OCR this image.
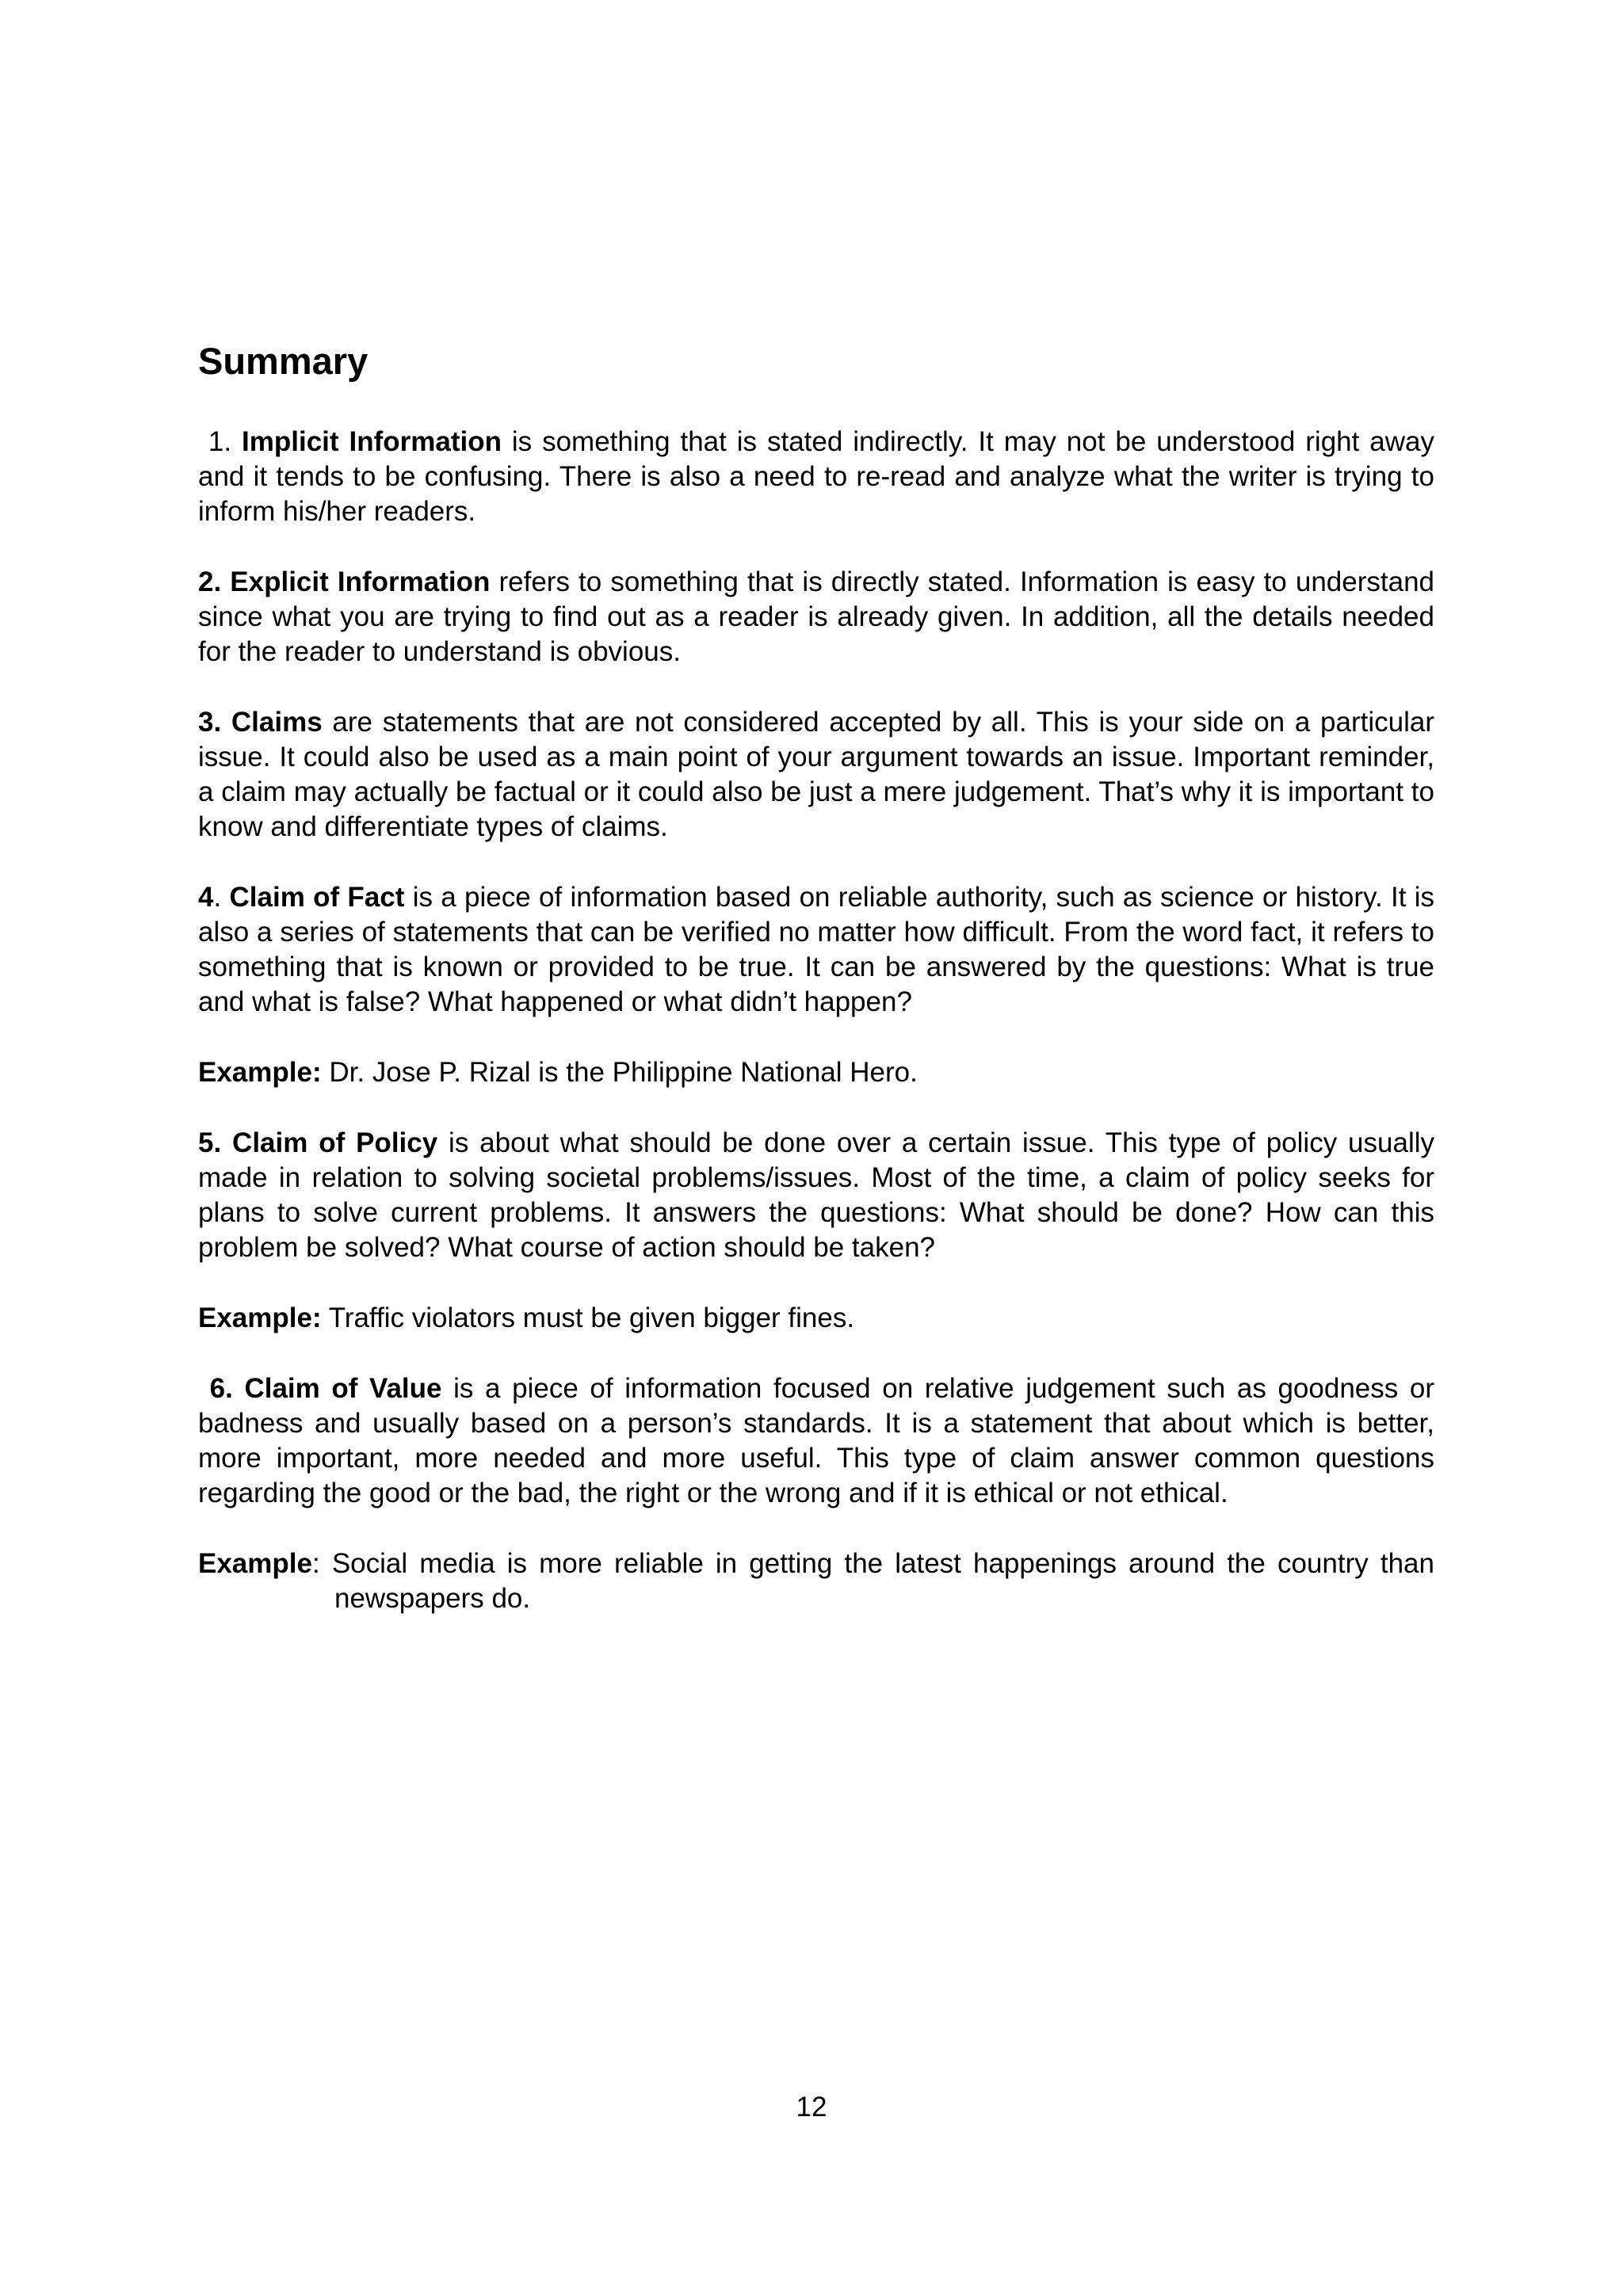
Summary

1. Implicit Information is something that is stated indirectly. It may not be understood right away and it tends to be confusing. There is also a need to re-read and analyze what the writer is trying to inform his/her readers.

2. Explicit Information refers to something that is directly stated. Information is easy to understand since what you are trying to find out as a reader is already given. In addition, all the details needed for the reader to understand is obvious.

3. Claims are statements that are not considered accepted by all. This is your side on a particular issue. It could also be used as a main point of your argument towards an issue. Important reminder, a claim may actually be factual or it could also be just a mere judgement. That’s why it is important to know and differentiate types of claims.

4. Claim of Fact is a piece of information based on reliable authority, such as science or history. It is also a series of statements that can be verified no matter how difficult. From the word fact, it refers to something that is known or provided to be true. It can be answered by the questions: What is true and what is false? What happened or what didn’t happen?

Example: Dr. Jose P. Rizal is the Philippine National Hero.

5. Claim of Policy is about what should be done over a certain issue. This type of policy usually made in relation to solving societal problems/issues. Most of the time, a claim of policy seeks for plans to solve current problems. It answers the questions: What should be done? How can this problem be solved? What course of action should be taken?

Example: Traffic violators must be given bigger fines.

6. Claim of Value is a piece of information focused on relative judgement such as goodness or badness and usually based on a person’s standards. It is a statement that about which is better, more important, more needed and more useful. This type of claim answer common questions regarding the good or the bad, the right or the wrong and if it is ethical or not ethical.

Example: Social media is more reliable in getting the latest happenings around the country than newspapers do.

12
